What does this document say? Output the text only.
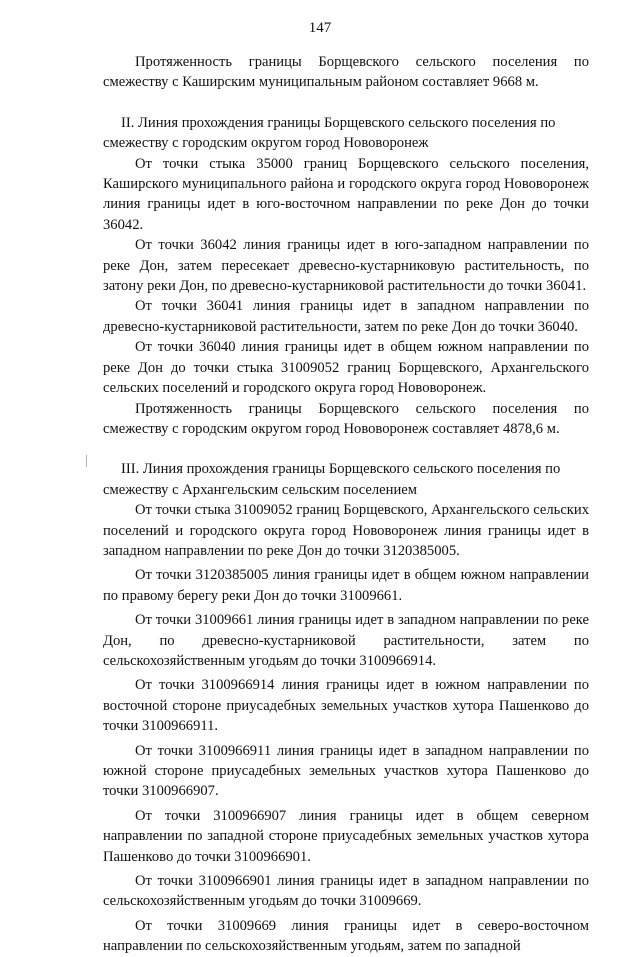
147

Протяженность границы Борщевского сельского поселения по смежеству с Каширским муниципальным районом составляет 9668 м.

II. Линия прохождения границы Борщевского сельского поселения по смежеству с городским округом город Нововоронеж

От точки стыка 35000 границ Борщевского сельского поселения, Каширского муниципального района и городского округа город Нововоронеж линия границы идет в юго-восточном направлении по реке Дон до точки 36042.

От точки 36042 линия границы идет в юго-западном направлении по реке Дон, затем пересекает древесно-кустарниковую растительность, по затону реки Дон, по древесно-кустарниковой растительности до точки 36041.

От точки 36041 линия границы идет в западном направлении по древесно-кустарниковой растительности, затем по реке Дон до точки 36040.

От точки 36040 линия границы идет в общем южном направлении по реке Дон до точки стыка 31009052 границ Борщевского, Архангельского сельских поселений и городского округа город Нововоронеж.

Протяженность границы Борщевского сельского поселения по смежеству с городским округом город Нововоронеж составляет 4878,6 м.

III. Линия прохождения границы Борщевского сельского поселения по смежеству с Архангельским сельским поселением

От точки стыка 31009052 границ Борщевского, Архангельского сельских поселений и городского округа город Нововоронеж линия границы идет в западном направлении по реке Дон до точки 3120385005.

От точки 3120385005 линия границы идет в общем южном направлении по правому берегу реки Дон до точки 31009661.

От точки 31009661 линия границы идет в западном направлении по реке Дон, по древесно-кустарниковой растительности, затем по сельскохозяйственным угодьям до точки 3100966914.

От точки 3100966914 линия границы идет в южном направлении по восточной стороне приусадебных земельных участков хутора Пашенково до точки 3100966911.

От точки 3100966911 линия границы идет в западном направлении по южной стороне приусадебных земельных участков хутора Пашенково до точки 3100966907.

От точки 3100966907 линия границы идет в общем северном направлении по западной стороне приусадебных земельных участков хутора Пашенково до точки 3100966901.

От точки 3100966901 линия границы идет в западном направлении по сельскохозяйственным угодьям до точки 31009669.

От точки 31009669 линия границы идет в северо-восточном направлении по сельскохозяйственным угодьям, затем по западной
